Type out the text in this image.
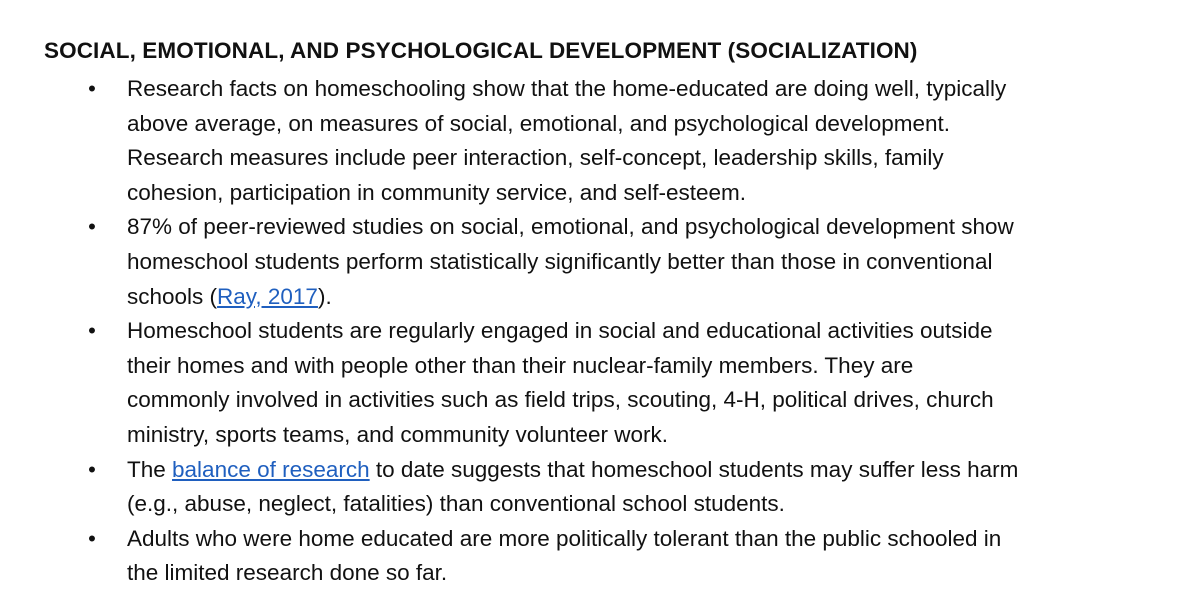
SOCIAL, EMOTIONAL, AND PSYCHOLOGICAL DEVELOPMENT (SOCIALIZATION)
• Research facts on homeschooling show that the home-educated are doing well, typically
above average, on measures of social, emotional, and psychological development.
Research measures include peer interaction, self-concept, leadership skills, family
cohesion, participation in community service, and self-esteem.
• 87% of peer-reviewed studies on social, emotional, and psychological development show
homeschool students perform statistically significantly better than those in conventional
schools (Ray, 2017).
• Homeschool students are regularly engaged in social and educational activities outside
their homes and with people other than their nuclear-family members. They are
commonly involved in activities such as field trips, scouting, 4-H, political drives, church
ministry, sports teams, and community volunteer work.
• The balance of research to date suggests that homeschool students may suffer less harm
(e.g., abuse, neglect, fatalities) than conventional school students.
• Adults who were home educated are more politically tolerant than the public schooled in
the limited research done so far.
